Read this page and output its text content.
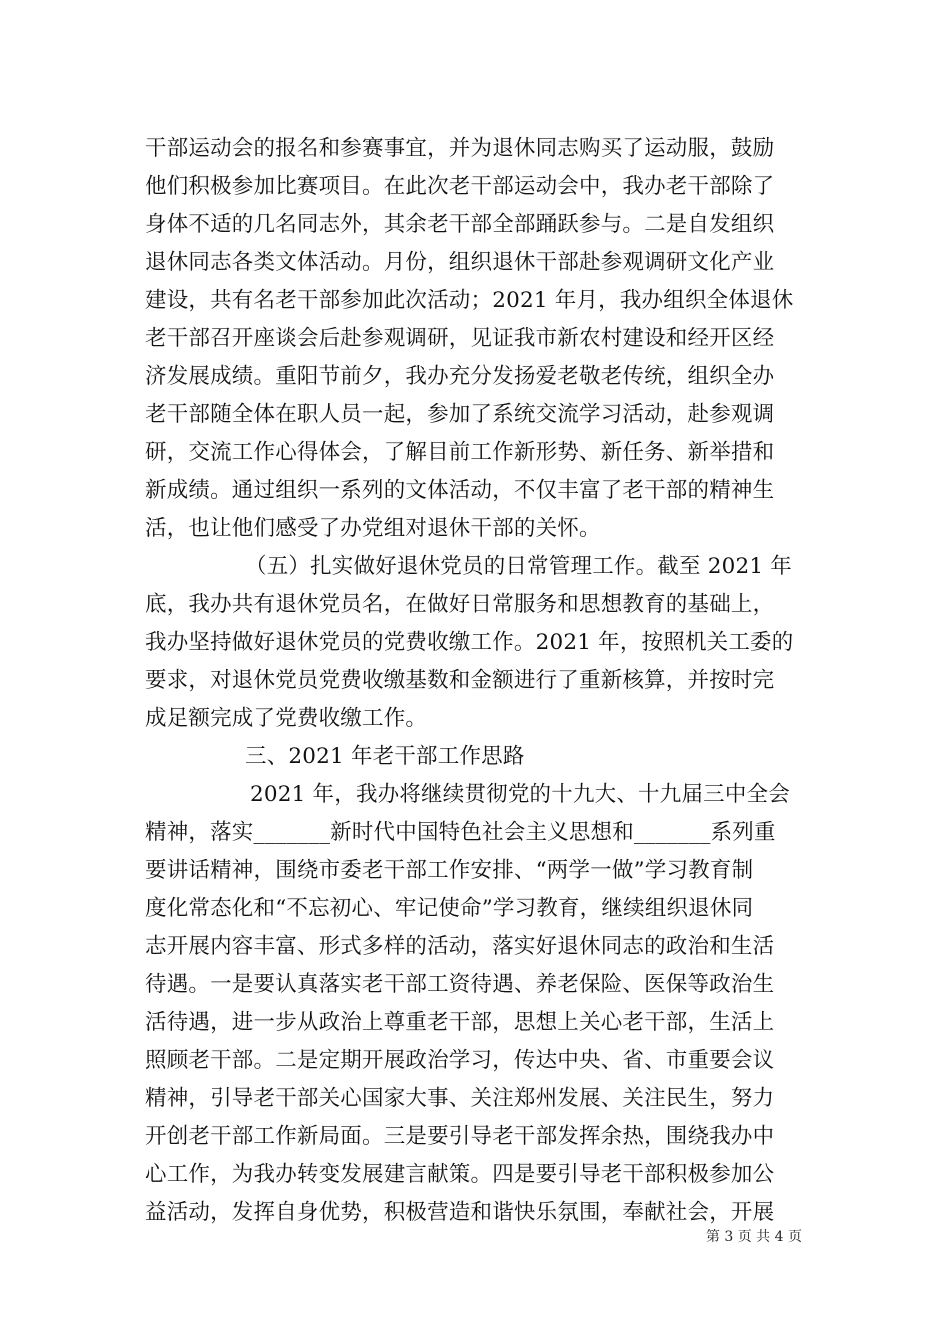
干部运动会的报名和参赛事宜，并为退休同志购买了运动服，鼓励
他们积极参加比赛项目。在此次老干部运动会中，我办老干部除了
身体不适的几名同志外，其余老干部全部踊跃参与。二是自发组织
退休同志各类文体活动。月份，组织退休干部赴参观调研文化产业
建设，共有名老干部参加此次活动；2021 年月，我办组织全体退休
老干部召开座谈会后赴参观调研，见证我市新农村建设和经开区经
济发展成绩。重阳节前夕，我办充分发扬爱老敬老传统，组织全办
老干部随全体在职人员一起，参加了系统交流学习活动，赴参观调
研，交流工作心得体会，了解目前工作新形势、新任务、新举措和
新成绩。通过组织一系列的文体活动，不仅丰富了老干部的精神生
活，也让他们感受了办党组对退休干部的关怀。
（五）扎实做好退休党员的日常管理工作。截至 2021 年
底，我办共有退休党员名，在做好日常服务和思想教育的基础上，
我办坚持做好退休党员的党费收缴工作。2021 年，按照机关工委的
要求，对退休党员党费收缴基数和金额进行了重新核算，并按时完
成足额完成了党费收缴工作。
三、2021 年老干部工作思路
2021 年，我办将继续贯彻党的十九大、十九届三中全会
精神，落实_______新时代中国特色社会主义思想和_______系列重
要讲话精神，围绕市委老干部工作安排、“两学一做”学习教育制
度化常态化和“不忘初心、牢记使命”学习教育，继续组织退休同
志开展内容丰富、形式多样的活动，落实好退休同志的政治和生活
待遇。一是要认真落实老干部工资待遇、养老保险、医保等政治生
活待遇，进一步从政治上尊重老干部，思想上关心老干部，生活上
照顾老干部。二是定期开展政治学习，传达中央、省、市重要会议
精神，引导老干部关心国家大事、关注郑州发展、关注民生，努力
开创老干部工作新局面。三是要引导老干部发挥余热，围绕我办中
心工作，为我办转变发展建言献策。四是要引导老干部积极参加公
益活动，发挥自身优势，积极营造和谐快乐氛围，奉献社会，开展
第 3 页 共 4 页
